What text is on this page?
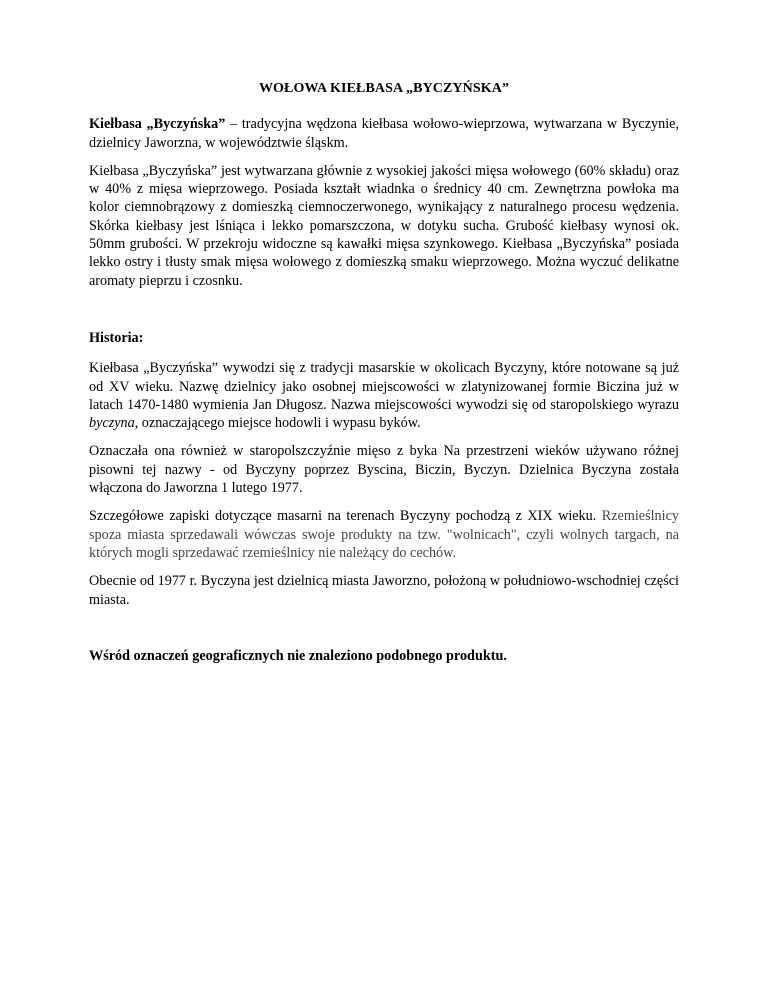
WOŁOWA KIEŁBASA „BYCZYŃSKA”

Kiełbasa „Byczyńska” – tradycyjna wędzona kiełbasa wołowo-wieprzowa, wytwarzana w Byczynie, dzielnicy Jaworzna, w województwie śląskm.

Kiełbasa „Byczyńska” jest wytwarzana głównie z wysokiej jakości mięsa wołowego (60% składu) oraz w 40% z mięsa wieprzowego. Posiada kształt wiadnka o średnicy 40 cm. Zewnętrzna powłoka ma kolor ciemnobrązowy z domieszką ciemnoczerwonego, wynikający z naturalnego procesu wędzenia. Skórka kiełbasy jest lśniąca i lekko pomarszczona, w dotyku sucha. Grubość kiełbasy wynosi ok. 50mm grubości. W przekroju widoczne są kawałki mięsa szynkowego. Kiełbasa „Byczyńska” posiada lekko ostry i tłusty smak mięsa wołowego z domieszką smaku wieprzowego. Można wyczuć delikatne aromaty pieprzu i czosnku.

Historia:

Kiełbasa „Byczyńska” wywodzi się z tradycji masarskie w okolicach Byczyny, które notowane są już od XV wieku. Nazwę dzielnicy jako osobnej miejscowości w zlatynizowanej formie Biczina już w latach 1470-1480 wymienia Jan Długosz. Nazwa miejscowości wywodzi się od staropolskiego wyrazu byczyna, oznaczającego miejsce hodowli i wypasu byków.

Oznaczała ona również w staropolszczyźnie mięso z byka Na przestrzeni wieków używano różnej pisowni tej nazwy - od Byczyny poprzez Byscina, Biczin, Byczyn. Dzielnica Byczyna została włączona do Jaworzna 1 lutego 1977.

Szczegółowe zapiski dotyczące masarni na terenach Byczyny pochodzą z XIX wieku. Rzemieślnicy spoza miasta sprzedawali wówczas swoje produkty na tzw. "wolnicach", czyli wolnych targach, na których mogli sprzedawać rzemieślnicy nie należący do cechów.

Obecnie od 1977 r. Byczyna jest dzielnicą miasta Jaworzno, położoną w południowo-wschodniej części miasta.

Wśród oznaczeń geograficznych nie znaleziono podobnego produktu.
